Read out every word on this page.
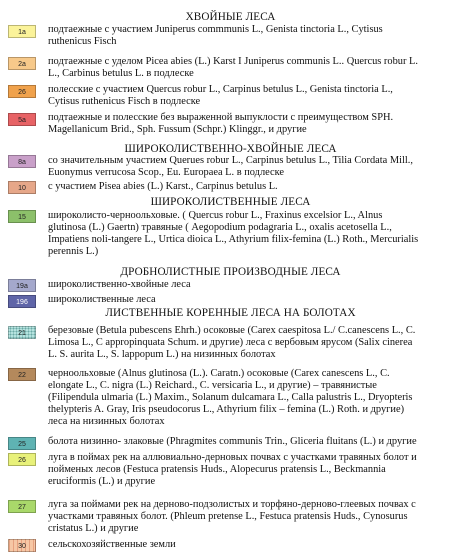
ХВОЙНЫЕ ЛЕСА
ШИРОКОЛИСТВЕННО-ХВОЙНЫЕ ЛЕСА
ШИРОКОЛИСТВЕННЫЕ ЛЕСА
ДРОБНОЛИСТНЫЕ ПРОИЗВОДНЫЕ ЛЕСА
ЛИСТВЕННЫЕ КОРЕННЫЕ ЛЕСА НА БОЛОТАХ
1а	подтаежные с участием Juniperus commmunis L., Genista tinctoria L., Cytisus
ruthenicus Fisch
2а	подтаежные с уделом Picea abies (L.) Karst I Juniperus communis L.. Quercus robur L.
L., Carbinus betulus L. в подлеске
26	полесские с участием Quercus robur L., Carpinus betulus L., Genista tinctoria L.,
Cytisus ruthenicus Fisch в подлеске
5а	подтаежные и полесские без выраженной выпуклости с преимуществом SPH.
Magellanicum Brid., Sph. Fussum (Schpr.) Klinggr., и другие
8а	со значительным участием Querues robur L., Carpinus betulus L., Tilia Cordata Mill.,
Euonymus verrucosa Scop., Eu. Europaea L. в подлеске
10	с участием Pisea abies (L.) Karst., Carpinus betulus L.
15	широколисто-черноольховые. ( Quercus robur L., Fraxinus excelsior L., Alnus
glutinosa (L.) Gaertn) травяные ( Aegopodium podagraria L., oxalis acetosella L.,
Impatiens noli-tangere L., Urtica dioica L., Athyrium filix-femina (L.) Roth., Mercurialis
perennis L.)
19а	широколиственно-хвойные леса
196	широколиственные леса
21	березовые (Betula pubescens Ehrh.) осоковые (Carex caespitosa L./ C.canescens L., C.
Limosa L., C appropinquata Schum. и другие) леса с вербовым ярусом (Salix cinerea
L. S. aurita L., S. lappopum L.) на низинных болотах
22	черноольховые (Alnus glutinosa (L.). Caratn.) осоковые (Carex canescens L., C.
elongate L., C. nigra (L.) Reichard., C. versicaria L., и другие) – травянистые
(Filipendula ulmaria (L.) Maxim., Solanum dulcamara L., Calla palustris L., Dryopteris
thelypteris A. Gray, Iris pseudocorus L., Athyrium filix – femina (L.) Roth. и другие)
леса на низинных болотах
25	болота низинно- злаковые (Phragmites communis Trin., Gliceria fluitans (L.) и другие
26	луга в поймах рек на аллювиально-дерновых почвах с участками травяных болот и
пойменых лесов (Festuca pratensis Huds., Alopecurus pratensis L., Beckmannia
eruciformis (L.) и другие
27	луга за поймами рек на дерново-подзолистых и торфяно-дерново-глеевых почвах с
участками травяных болот. (Phleum pretense L., Festuca pratensis Huds., Cynosurus
cristatus L.) и другие
30	сельскохозяйственные земли
